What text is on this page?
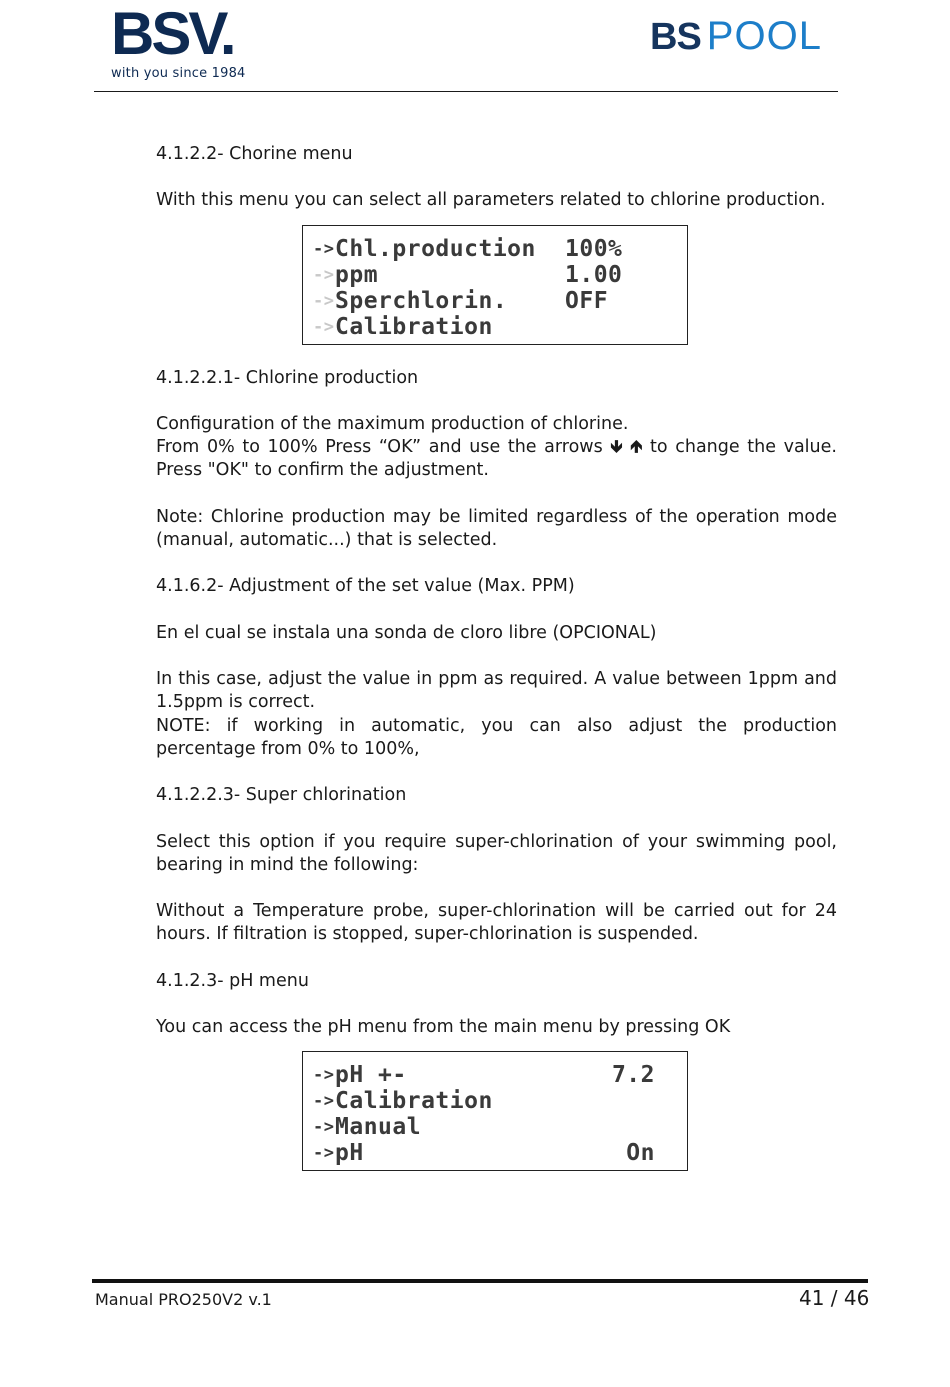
BSV.
with you since 1984
BS POOL

4.1.2.2- Chorine menu

With this menu you can select all parameters related to chlorine production.

-> Chl.production	100%
-> ppm	1.00
-> Sperchlorin.	OFF
-> Calibration

4.1.2.2.1- Chlorine production

Configuration of the maximum production of chlorine.

From 0% to 100% Press “OK” and use the arrows 🡻 🡹 to change the value. Press "OK" to confirm the adjustment.

Note: Chlorine production may be limited regardless of the operation mode (manual, automatic...) that is selected.

4.1.6.2- Adjustment of the set value (Max. PPM)

En el cual se instala una sonda de cloro libre (OPCIONAL)

In this case, adjust the value in ppm as required. A value between 1ppm and 1.5ppm is correct.

NOTE: if working in automatic, you can also adjust the production percentage from 0% to 100%,

4.1.2.2.3- Super chlorination

Select this option if you require super-chlorination of your swimming pool, bearing in mind the following:

Without a Temperature probe, super-chlorination will be carried out for 24 hours. If filtration is stopped, super-chlorination is suspended.

4.1.2.3- pH menu

You can access the pH menu from the main menu by pressing OK

-> pH +-	7.2
-> Calibration
-> Manual
-> pH	On
Manual PRO250V2 v.1	41 / 46
